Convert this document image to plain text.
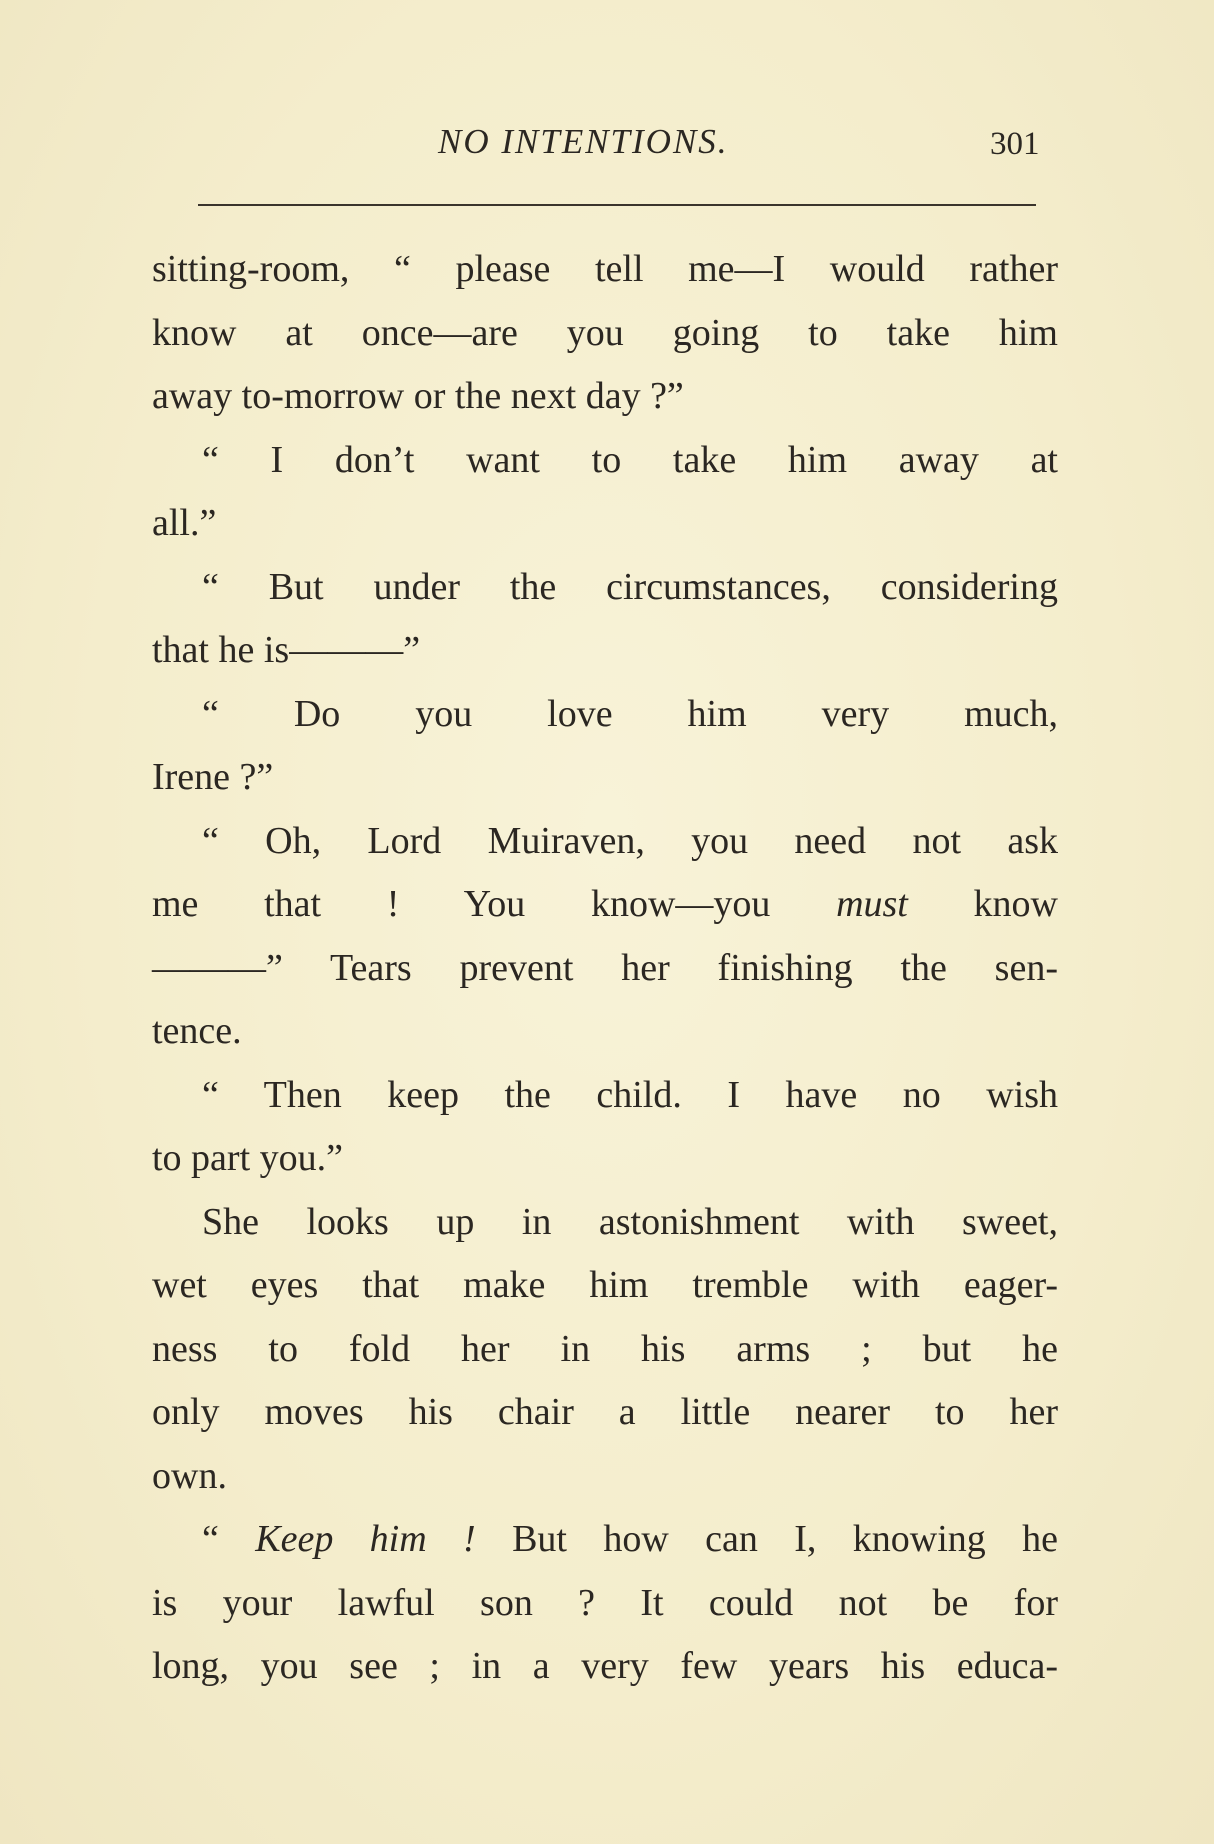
NO INTENTIONS.	301
sitting-room, “ please tell me—I would rather
know at once—are you going to take him
away to-morrow or the next day ?”
“ I don’t want to take him away at
all.”
“ But under the circumstances, considering
that he is———”
“ Do you love him very much,
Irene ?”
“ Oh, Lord Muiraven, you need not ask
me that ! You know—you must know
———” Tears prevent her finishing the sen-
tence.
“ Then keep the child. I have no wish
to part you.”
She looks up in astonishment with sweet,
wet eyes that make him tremble with eager-
ness to fold her in his arms ; but he
only moves his chair a little nearer to her
own.
“ Keep him ! But how can I, knowing he
is your lawful son ? It could not be for
long, you see ; in a very few years his educa-
